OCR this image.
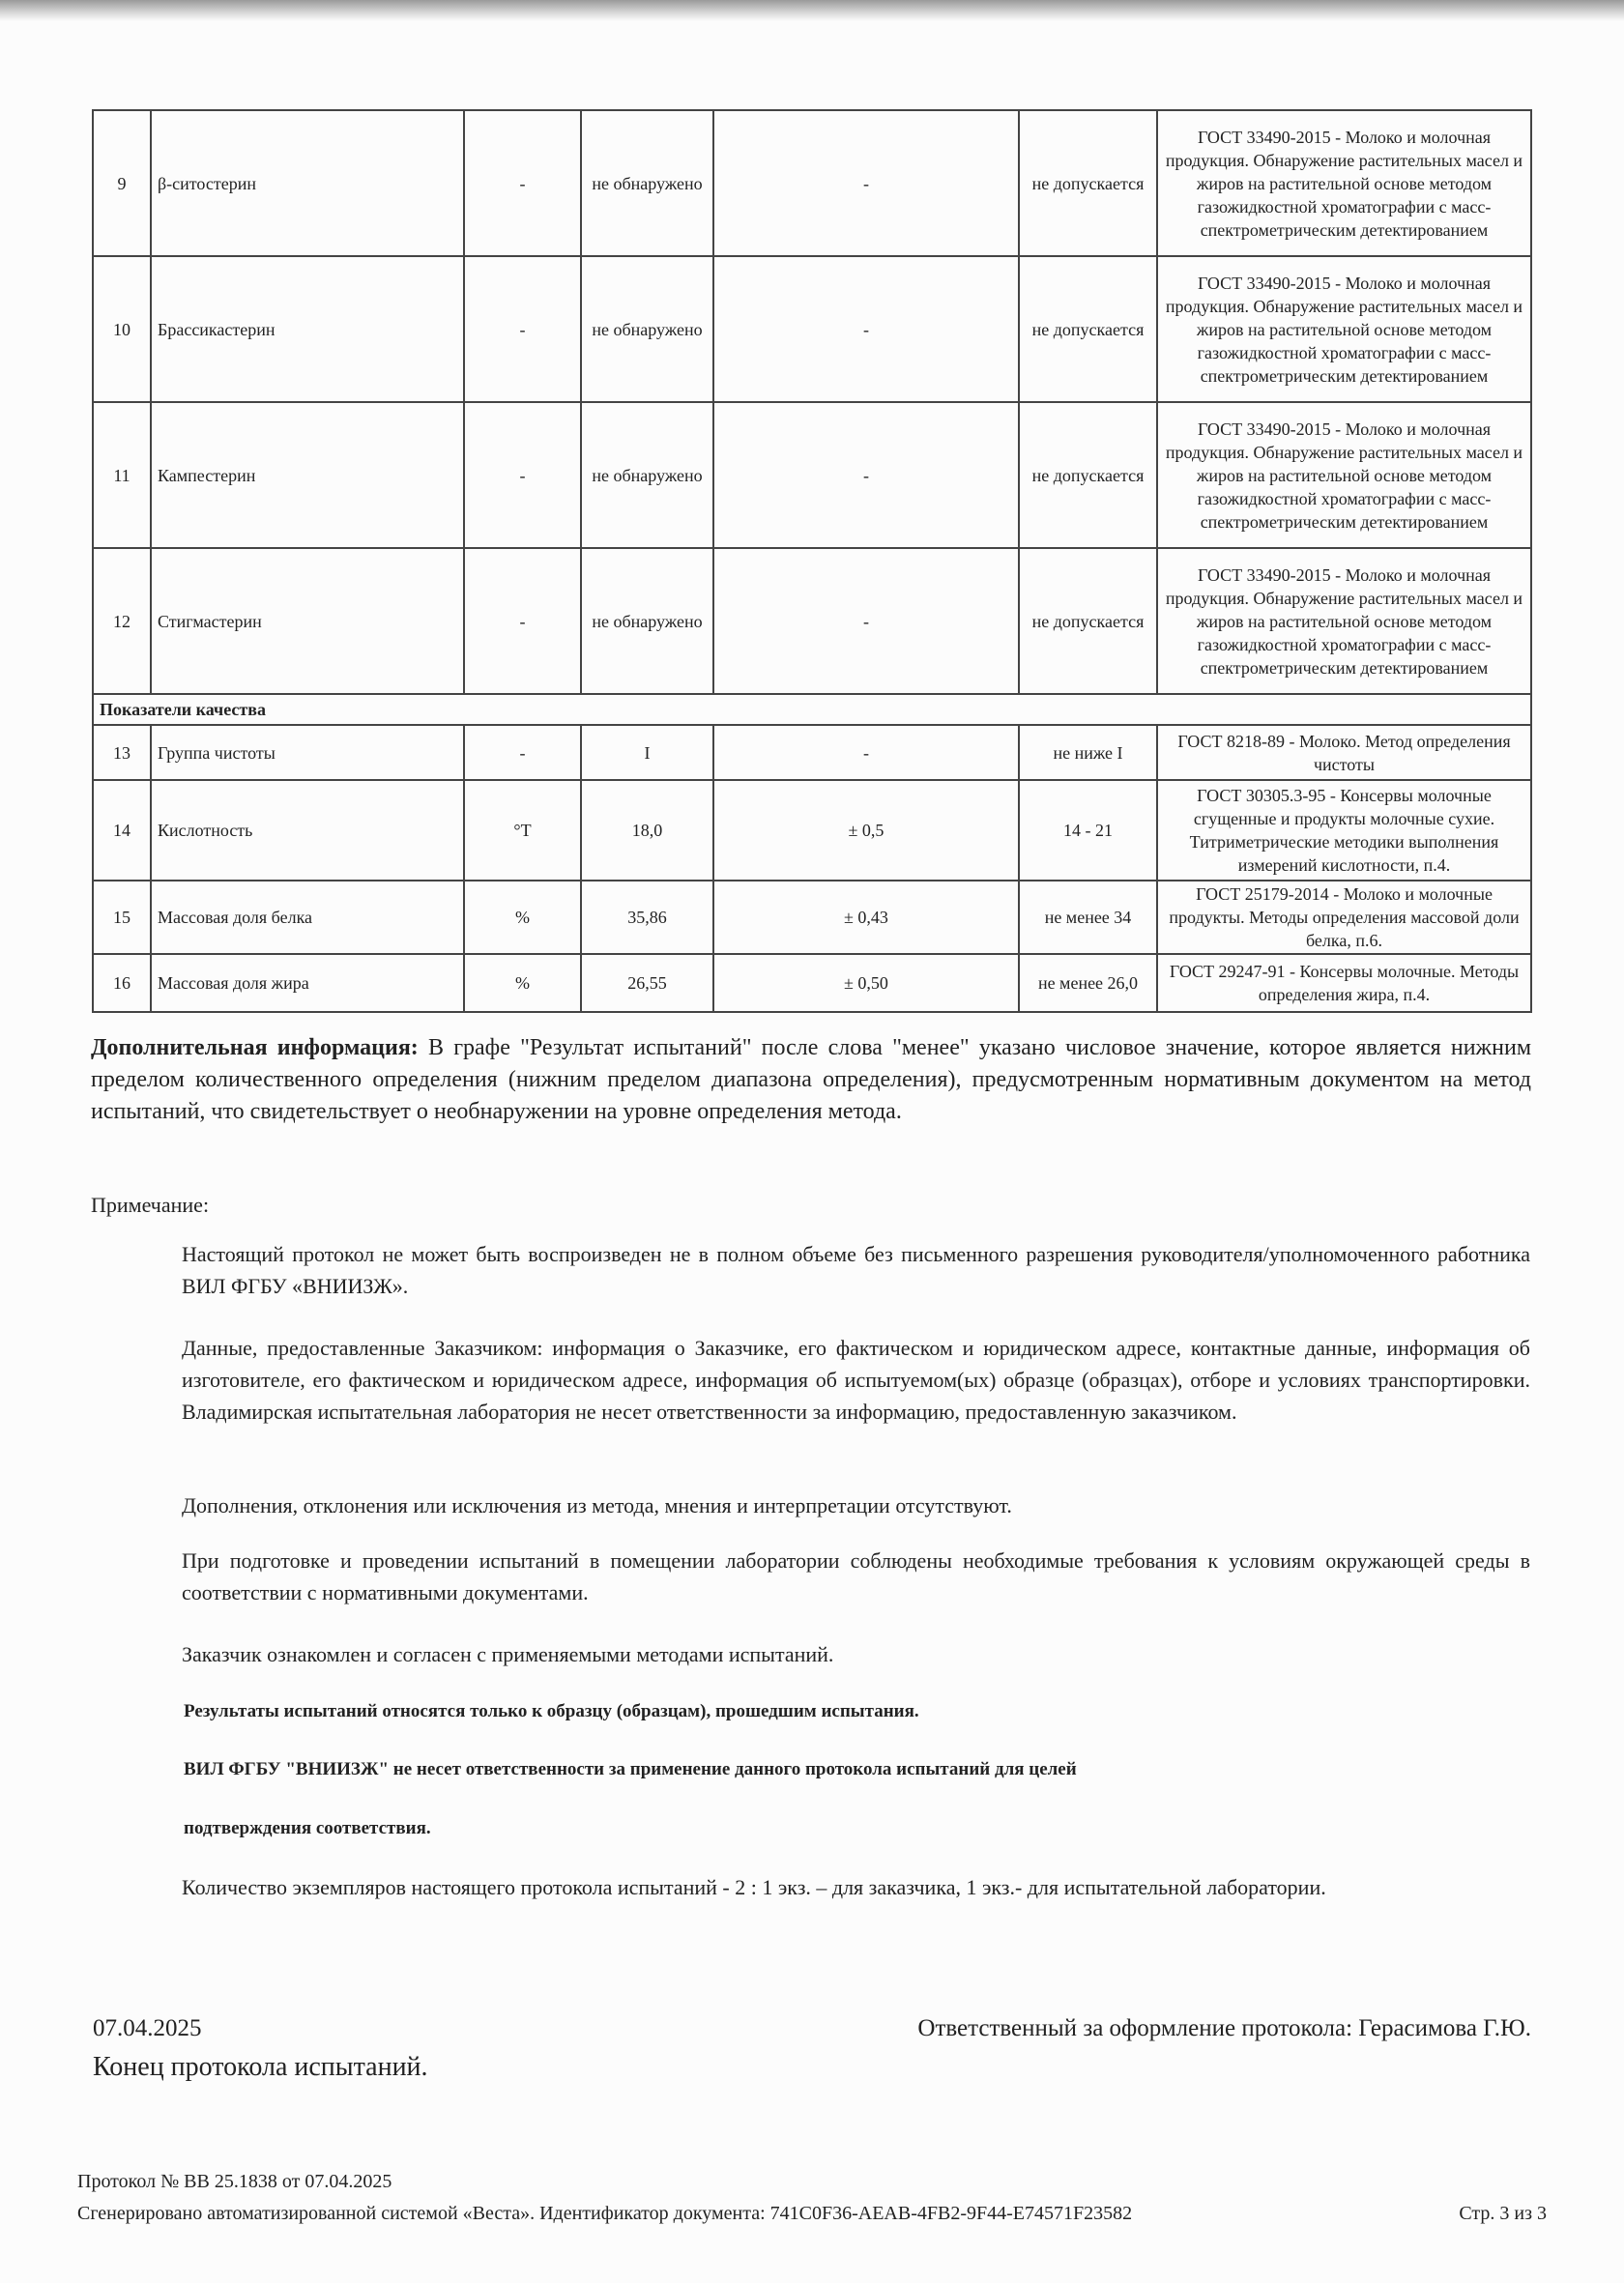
9	β-ситостерин	-	не обнаружено	-	не допускается	ГОСТ 33490-2015 - Молоко и молочная продукция. Обнаружение растительных масел и жиров на растительной основе методом газожидкостной хроматографии с масс-спектрометрическим детектированием
10	Брассикастерин	-	не обнаружено	-	не допускается	ГОСТ 33490-2015 - Молоко и молочная продукция. Обнаружение растительных масел и жиров на растительной основе методом газожидкостной хроматографии с масс-спектрометрическим детектированием
11	Кампестерин	-	не обнаружено	-	не допускается	ГОСТ 33490-2015 - Молоко и молочная продукция. Обнаружение растительных масел и жиров на растительной основе методом газожидкостной хроматографии с масс-спектрометрическим детектированием
12	Стигмастерин	-	не обнаружено	-	не допускается	ГОСТ 33490-2015 - Молоко и молочная продукция. Обнаружение растительных масел и жиров на растительной основе методом газожидкостной хроматографии с масс-спектрометрическим детектированием
Показатели качества						
13	Группа чистоты	-	I	-	не ниже I	ГОСТ 8218-89 - Молоко. Метод определения чистоты
14	Кислотность	°Т	18,0	± 0,5	14 - 21	ГОСТ 30305.3-95 - Консервы молочные сгущенные и продукты молочные сухие. Титриметрические методики выполнения измерений кислотности, п.4.
15	Массовая доля белка	%	35,86	± 0,43	не менее 34	ГОСТ 25179-2014 - Молоко и молочные продукты. Методы определения массовой доли белка, п.6.
16	Массовая доля жира	%	26,55	± 0,50	не менее 26,0	ГОСТ 29247-91 - Консервы молочные. Методы определения жира, п.4.
Дополнительная информация: В графе "Результат испытаний" после слова "менее" указано числовое значение, которое является нижним пределом количественного определения (нижним пределом диапазона определения), предусмотренным нормативным документом на метод испытаний, что свидетельствует о необнаружении на уровне определения метода.
Примечание:
Настоящий протокол не может быть воспроизведен не в полном объеме без письменного разрешения руководителя/уполномоченного работника ВИЛ ФГБУ «ВНИИЗЖ».
Данные, предоставленные Заказчиком: информация о Заказчике, его фактическом и юридическом адресе, контактные данные, информация об изготовителе, его фактическом и юридическом адресе, информация об испытуемом(ых) образце (образцах), отборе и условиях транспортировки. Владимирская испытательная лаборатория не несет ответственности за информацию, предоставленную заказчиком.
Дополнения, отклонения или исключения из метода, мнения и интерпретации отсутствуют.
При подготовке и проведении испытаний в помещении лаборатории соблюдены необходимые требования к условиям окружающей среды в соответствии с нормативными документами.
Заказчик ознакомлен и согласен с применяемыми методами испытаний.
Результаты испытаний относятся только к образцу (образцам), прошедшим испытания.
ВИЛ ФГБУ "ВНИИЗЖ" не несет ответственности за применение данного протокола испытаний для целей
подтверждения соответствия.
Количество экземпляров настоящего протокола испытаний - 2 : 1 экз. – для заказчика, 1 экз.- для испытательной лаборатории.
07.04.2025	Ответственный за оформление протокола: Герасимова Г.Ю.
Конец протокола испытаний.
Протокол № ВВ 25.1838 от 07.04.2025
Сгенерировано автоматизированной системой «Веста». Идентификатор документа: 741C0F36-AEAB-4FB2-9F44-E74571F23582	Стр. 3 из 3
